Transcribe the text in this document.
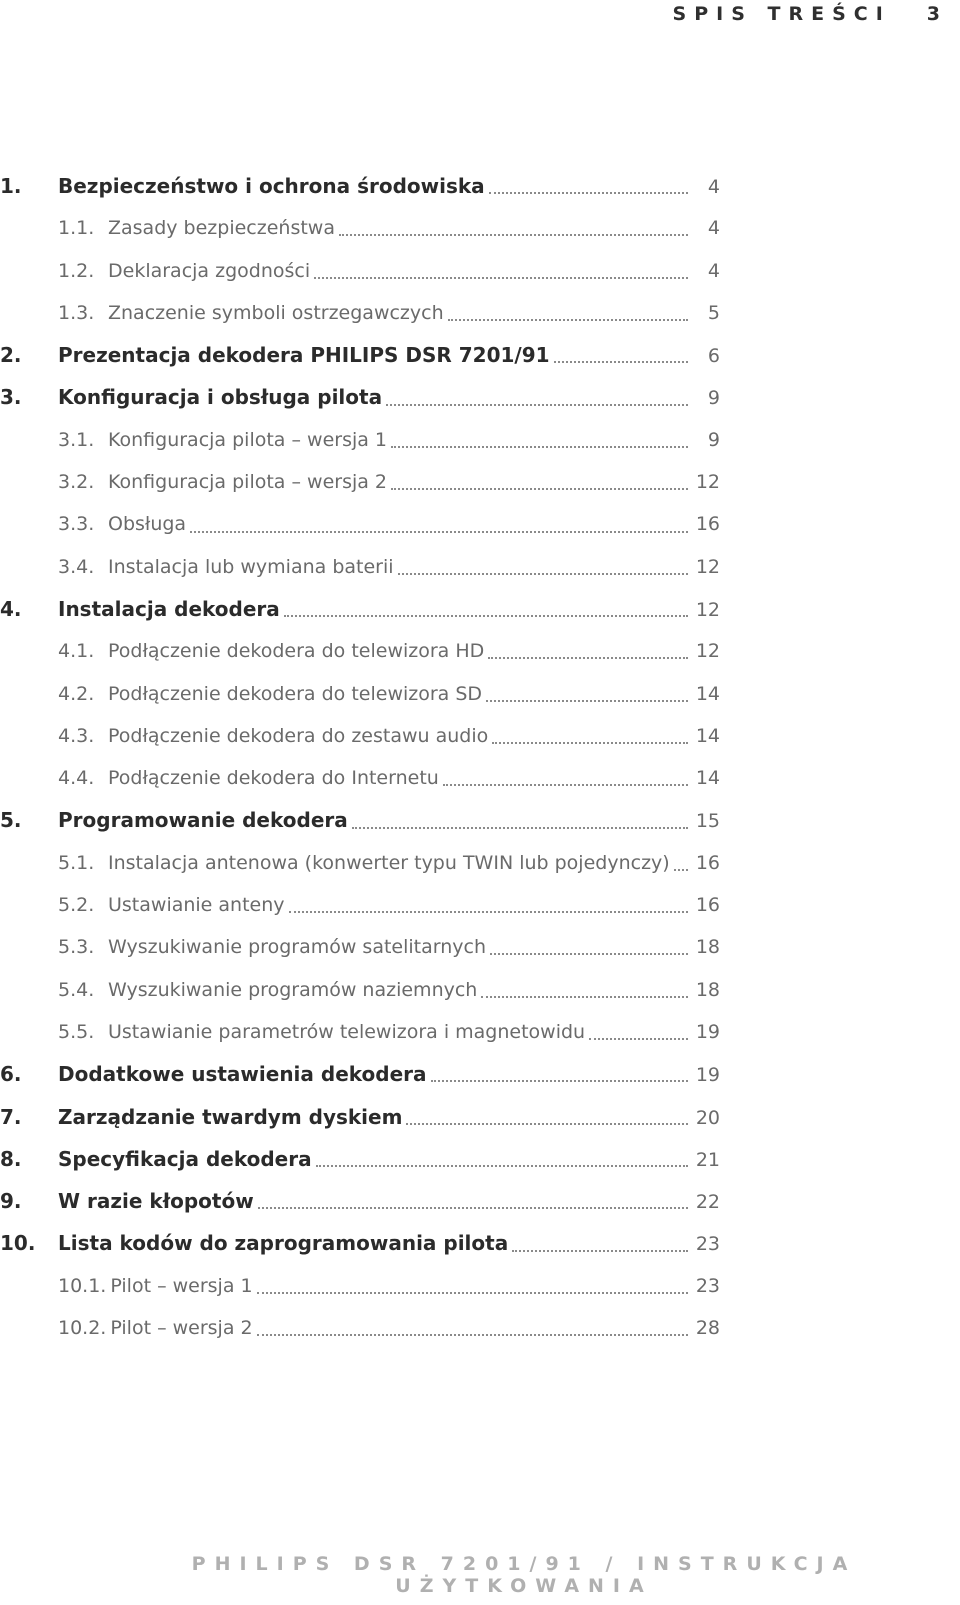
SPIS TREŚCI 3
1.	Bezpieczeństwo i ochrona środowiska	4
1.1. Zasady bezpieczeństwa	4
1.2. Deklaracja zgodności	4
1.3. Znaczenie symboli ostrzegawczych	5
2.	Prezentacja dekodera PHILIPS DSR 7201/91	6
3.	Konfiguracja i obsługa pilota	9
3.1. Konfiguracja pilota – wersja 1	9
3.2. Konfiguracja pilota – wersja 2	12
3.3. Obsługa	16
3.4. Instalacja lub wymiana baterii	12
4.	Instalacja dekodera	12
4.1. Podłączenie dekodera do telewizora HD	12
4.2. Podłączenie dekodera do telewizora SD	14
4.3. Podłączenie dekodera do zestawu audio	14
4.4. Podłączenie dekodera do Internetu	14
5.	Programowanie dekodera	15
5.1. Instalacja antenowa (konwerter typu TWIN lub pojedynczy) 16
5.2. Ustawianie anteny	16
5.3. Wyszukiwanie programów satelitarnych	18
5.4. Wyszukiwanie programów naziemnych	18
5.5. Ustawianie parametrów telewizora i magnetowidu	19
6.	Dodatkowe ustawienia dekodera	19
7.	Zarządzanie twardym dyskiem	20
8.	Specyfikacja dekodera	21
9.	W razie kłopotów	22
10.	Lista kodów do zaprogramowania pilota	23
10.1. Pilot – wersja 1	23
10.2. Pilot – wersja 2	28
PHILIPS DSR 7201/91 / INSTRUKCJA UŻYTKOWANIA
